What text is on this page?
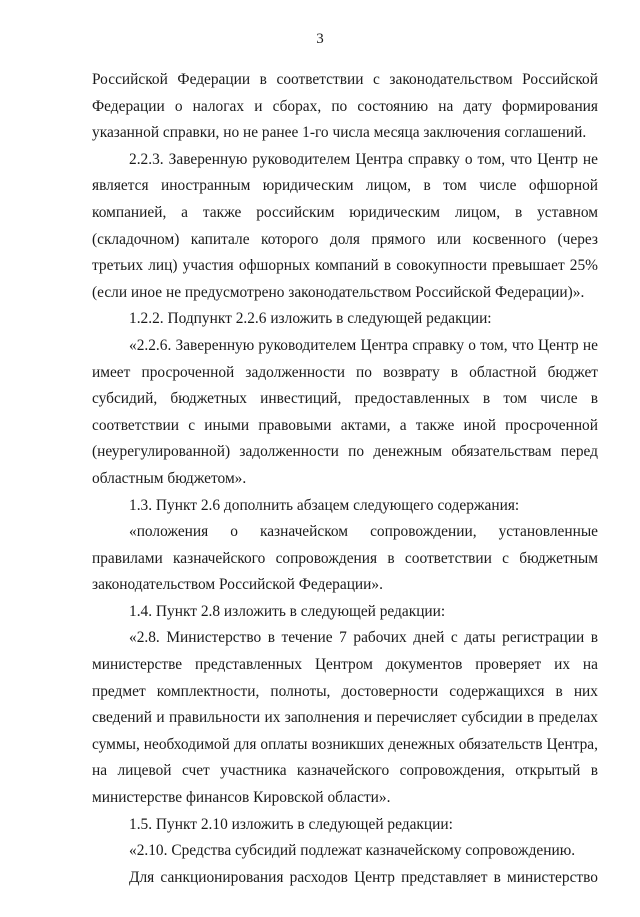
3

Российской Федерации в соответствии с законодательством Российской Федерации о налогах и сборах, по состоянию на дату формирования указанной справки, но не ранее 1-го числа месяца заключения соглашений.

2.2.3. Заверенную руководителем Центра справку о том, что Центр не является иностранным юридическим лицом, в том числе офшорной компанией, а также российским юридическим лицом, в уставном (складочном) капитале которого доля прямого или косвенного (через третьих лиц) участия офшорных компаний в совокупности превышает 25% (если иное не предусмотрено законодательством Российской Федерации)».

1.2.2. Подпункт 2.2.6 изложить в следующей редакции:

«2.2.6. Заверенную руководителем Центра справку о том, что Центр не имеет просроченной задолженности по возврату в областной бюджет субсидий, бюджетных инвестиций, предоставленных в том числе в соответствии с иными правовыми актами, а также иной просроченной (неурегулированной) задолженности по денежным обязательствам перед областным бюджетом».

1.3. Пункт 2.6 дополнить абзацем следующего содержания:

«положения о казначейском сопровождении, установленные правилами казначейского сопровождения в соответствии с бюджетным законодательством Российской Федерации».

1.4. Пункт 2.8 изложить в следующей редакции:

«2.8. Министерство в течение 7 рабочих дней с даты регистрации в министерстве представленных Центром документов проверяет их на предмет комплектности, полноты, достоверности содержащихся в них сведений и правильности их заполнения и перечисляет субсидии в пределах суммы, необходимой для оплаты возникших денежных обязательств Центра, на лицевой счет участника казначейского сопровождения, открытый в министерстве финансов Кировской области».

1.5. Пункт 2.10 изложить в следующей редакции:

«2.10. Средства субсидий подлежат казначейскому сопровождению.

Для санкционирования расходов Центр представляет в министерство
